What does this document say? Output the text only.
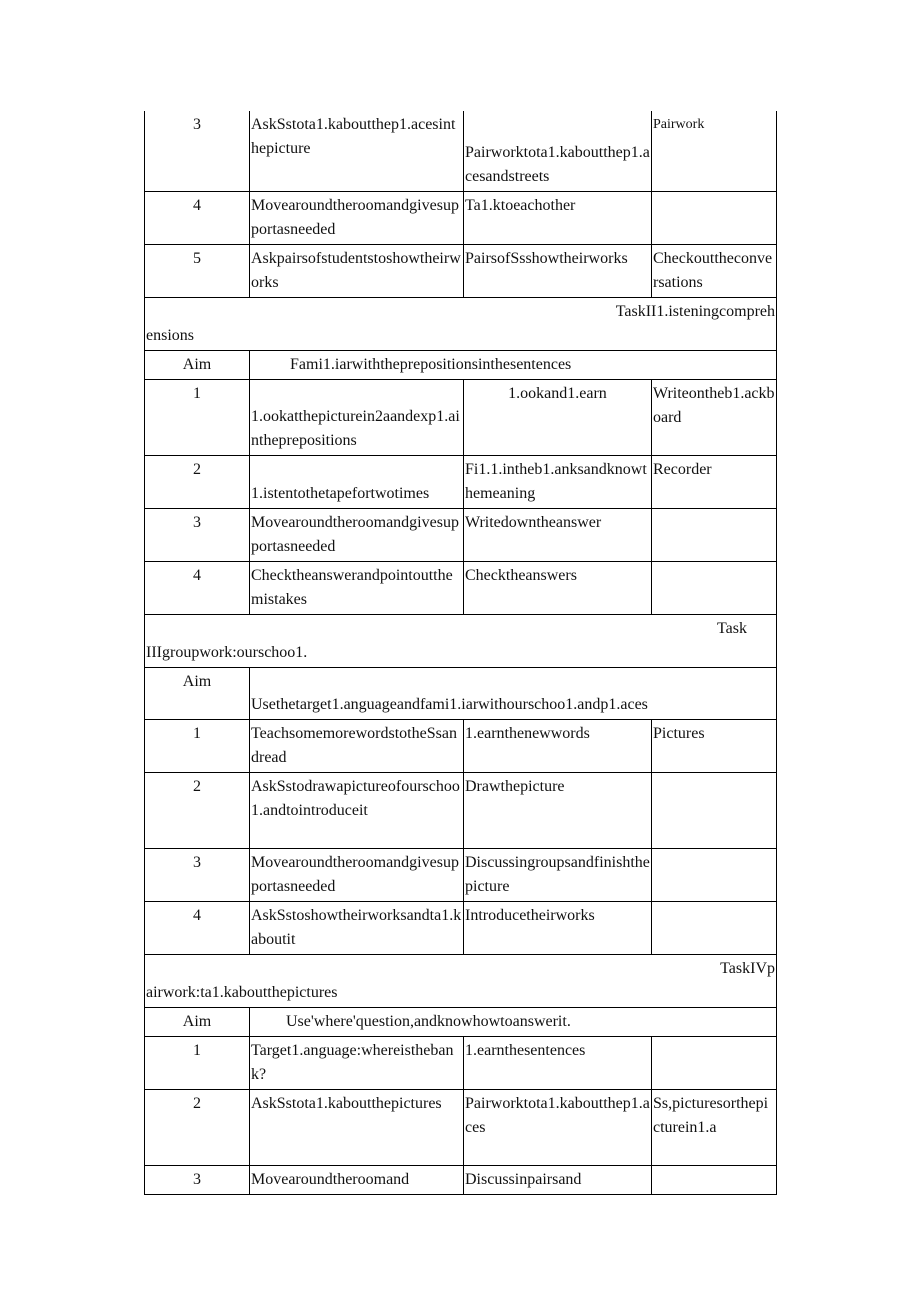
3	AskSstota1.kaboutthep1.acesinthepicture	Pairworktota1.kaboutthep1.acesandstreets	Pairwork
4	Movearoundtheroomandgivesupportasneeded	Ta1.ktoeachother	
5	Askpairsofstudentstoshowtheirworks	PairsofSsshowtheirworks	Checkouttheconversations

TaskII1.isteningcompreh
ensions			

Aim	Fami1.iarwiththeprepositionsinthesentences		
1	1.ookatthepicturein2aandexp1.aintheprepositions	1.ookand1.earn	Writeontheb1.ackboard
2	1.istentothetapefortwotimes	Fi1.1.intheb1.anksandknowthemeaning	Recorder
3	Movearoundtheroomandgivesupportasneeded	Writedowntheanswer	
4	Checktheanswerandpointoutthemistakes	Checktheanswers	

Task
IIIgroupwork:ourschoo1.			

Aim	Usethetarget1.anguageandfami1.iarwithourschoo1.andp1.aces		
1	TeachsomemorewordstotheSsandread	1.earnthenewwords	Pictures
2	AskSstodrawapictureofourschoo1.andtointroduceit	Drawthepicture	
3	Movearoundtheroomandgivesupportasneeded	Discussingroupsandfinishthepicture	
4	AskSstoshowtheirworksandta1.kaboutit	Introducetheirworks	

TaskIVp
airwork:ta1.kaboutthepictures			

Aim	Use'where'question,andknowhowtoanswerit.		
1	Target1.anguage:whereisthebank?	1.earnthesentences	
2	AskSstota1.kaboutthepictures	Pairworktota1.kaboutthep1.aces	Ss,picturesorthepicturein1.a
3	Movearoundtheroomand	Discussinpairsand	
